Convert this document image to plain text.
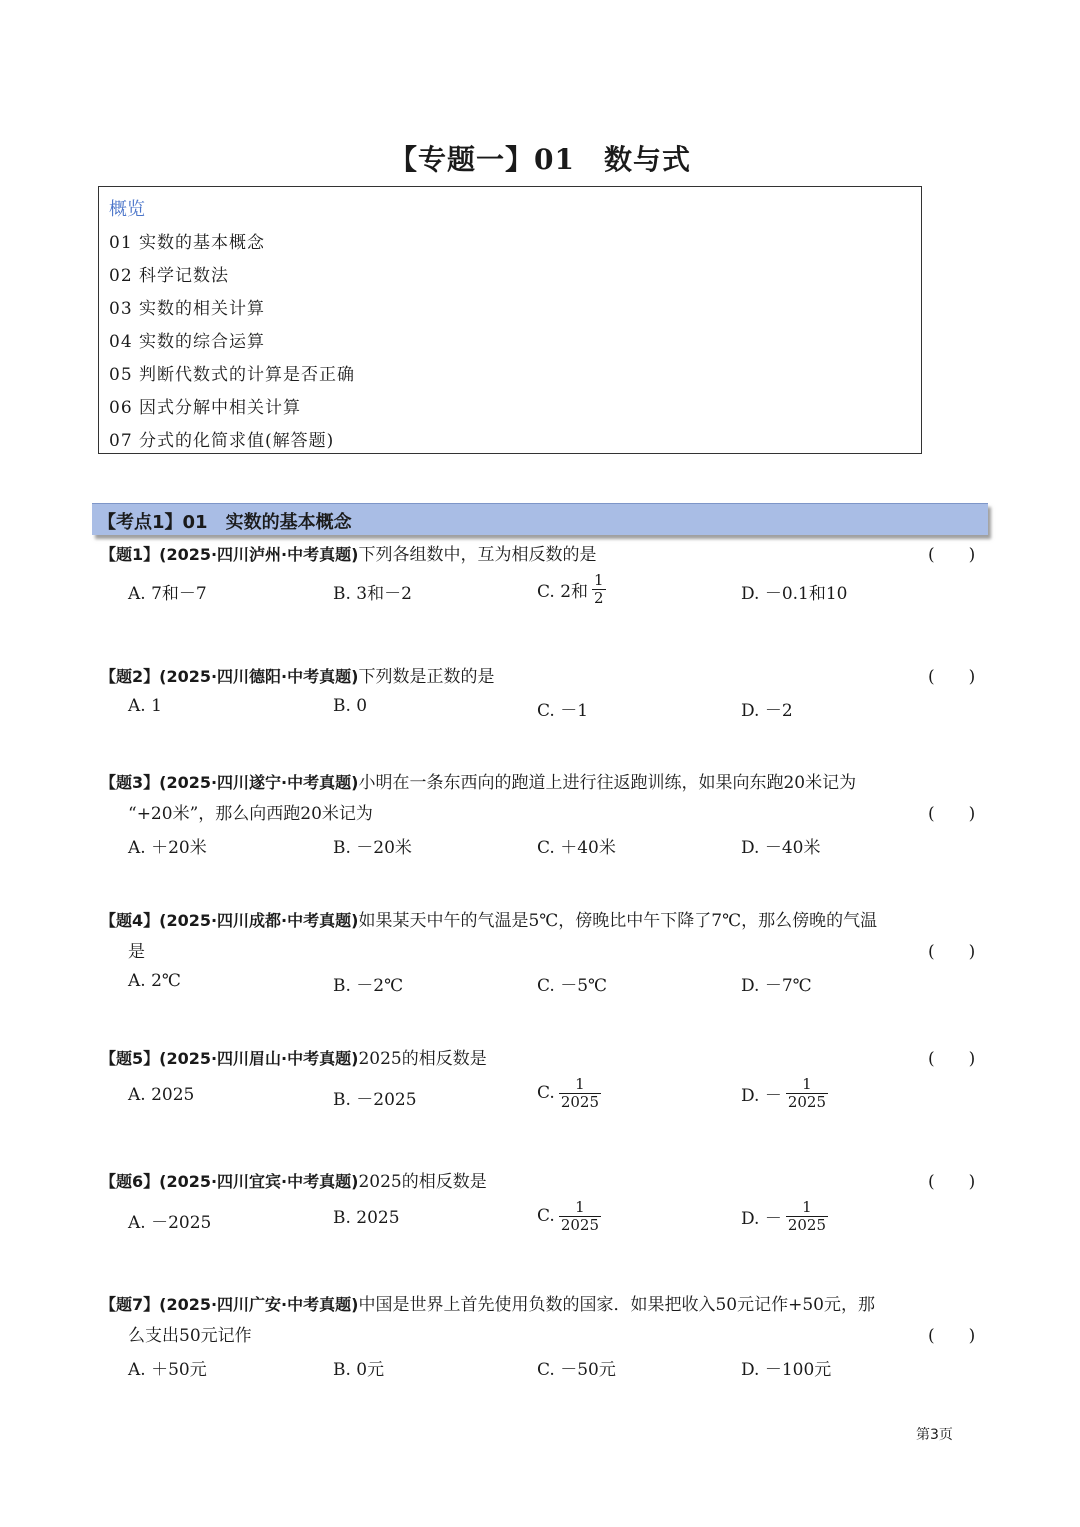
【专题一】01　数与式
概览
01 实数的基本概念
02 科学记数法
03 实数的相关计算
04 实数的综合运算
05 判断代数式的计算是否正确
06 因式分解中相关计算
07 分式的化简求值(解答题)
【考点1】01　实数的基本概念
【题1】(2025·四川泸州·中考真题)下列各组数中，互为相反数的是	(　　)
A. 7和－7	B. 3和－2	C. 2和 $\frac{1}{2}$	D. －0.1和10
【题2】(2025·四川德阳·中考真题)下列数是正数的是	(　　)
A. 1	B. 0	C. －1	D. －2
【题3】(2025·四川遂宁·中考真题)小明在一条东西向的跑道上进行往返跑训练，如果向东跑20米记为
“+20米”，那么向西跑20米记为	(　　)
A. ＋20米	B. －20米	C. ＋40米	D. －40米
【题4】(2025·四川成都·中考真题)如果某天中午的气温是5℃，傍晚比中午下降了7℃，那么傍晚的气温
是	(　　)
A. 2℃	B. －2℃	C. －5℃	D. －7℃
【题5】(2025·四川眉山·中考真题)2025的相反数是	(　　)
A. 2025	B. －2025	C. $\frac{1}{2025}$	D. － $\frac{1}{2025}$
【题6】(2025·四川宜宾·中考真题)2025的相反数是	(　　)
A. －2025	B. 2025	C. $\frac{1}{2025}$	D. － $\frac{1}{2025}$
【题7】(2025·四川广安·中考真题)中国是世界上首先使用负数的国家．如果把收入50元记作+50元，那
么支出50元记作	(　　)
A. ＋50元	B. 0元	C. －50元	D. －100元
第3页
